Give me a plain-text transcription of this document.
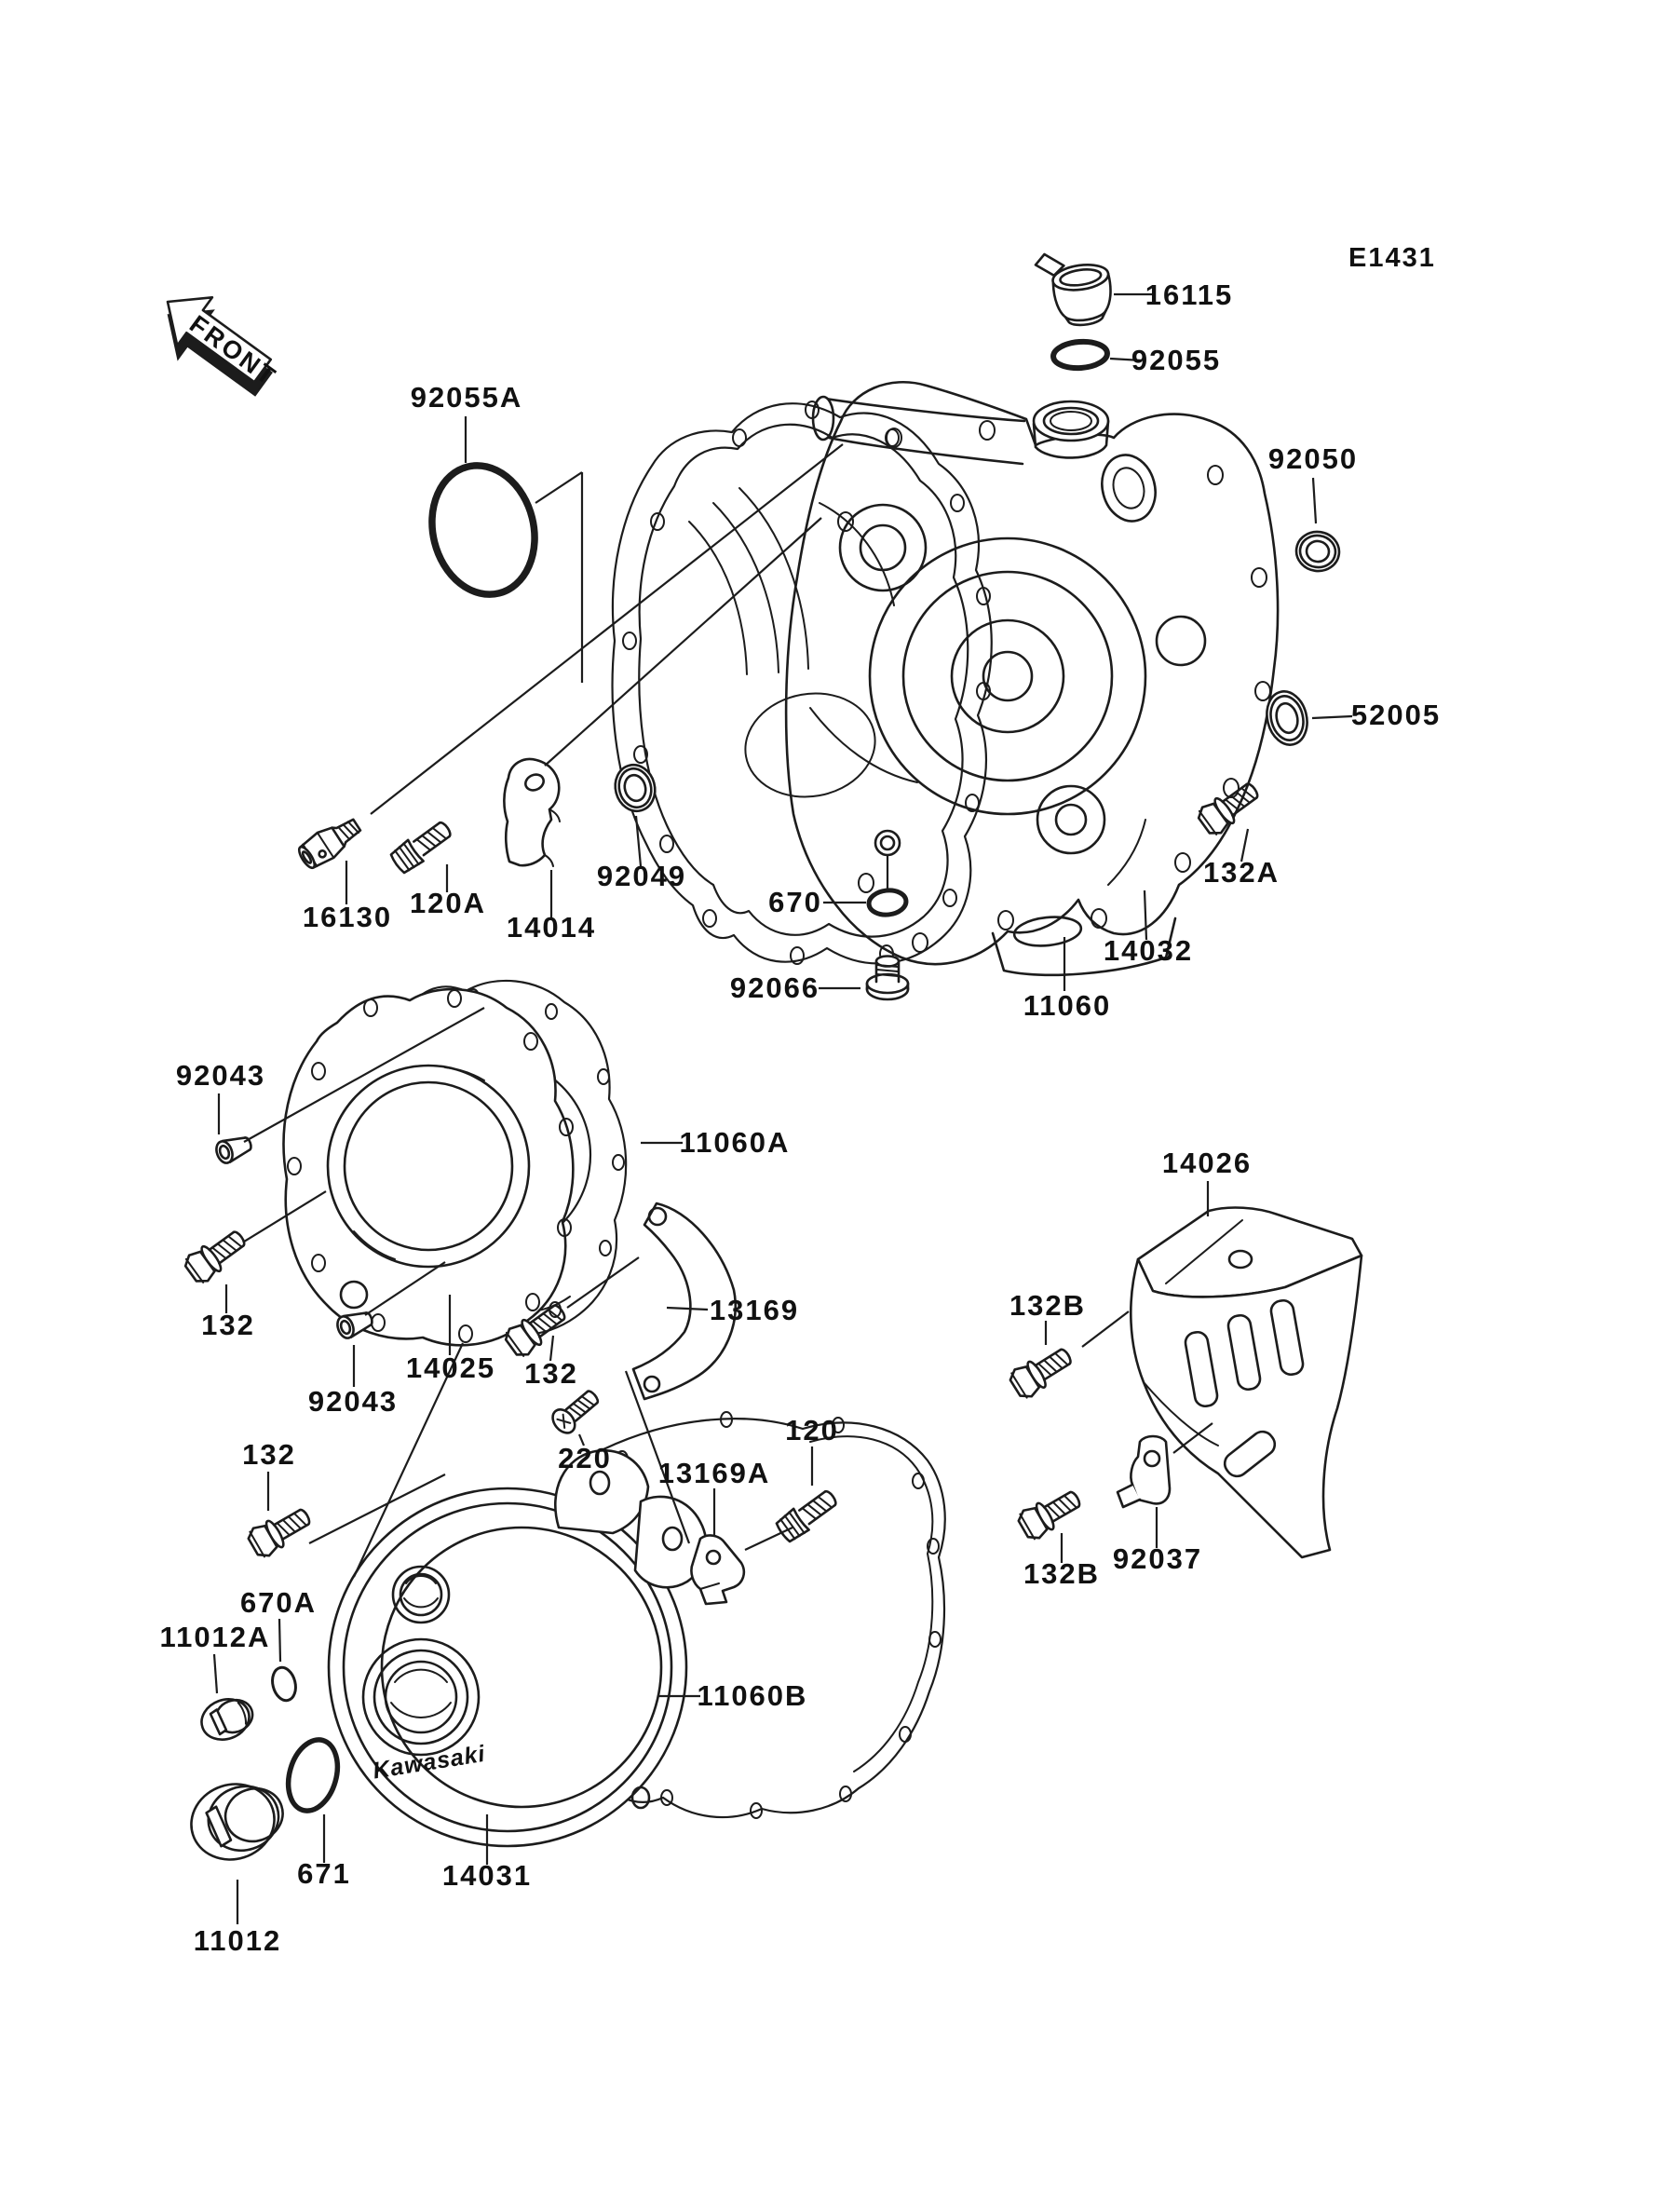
Kawasaki
92055A
16115
92055
92050
52005
132A
16130 120A
14014
92049
670
92066
14032
11060
92043
132
14025
92043
132
11060A
13169
14026
132B
132B 92037
220 13169A
120
11060B
132
670A
11012A
671	14031
11012
FRONT
E1431
